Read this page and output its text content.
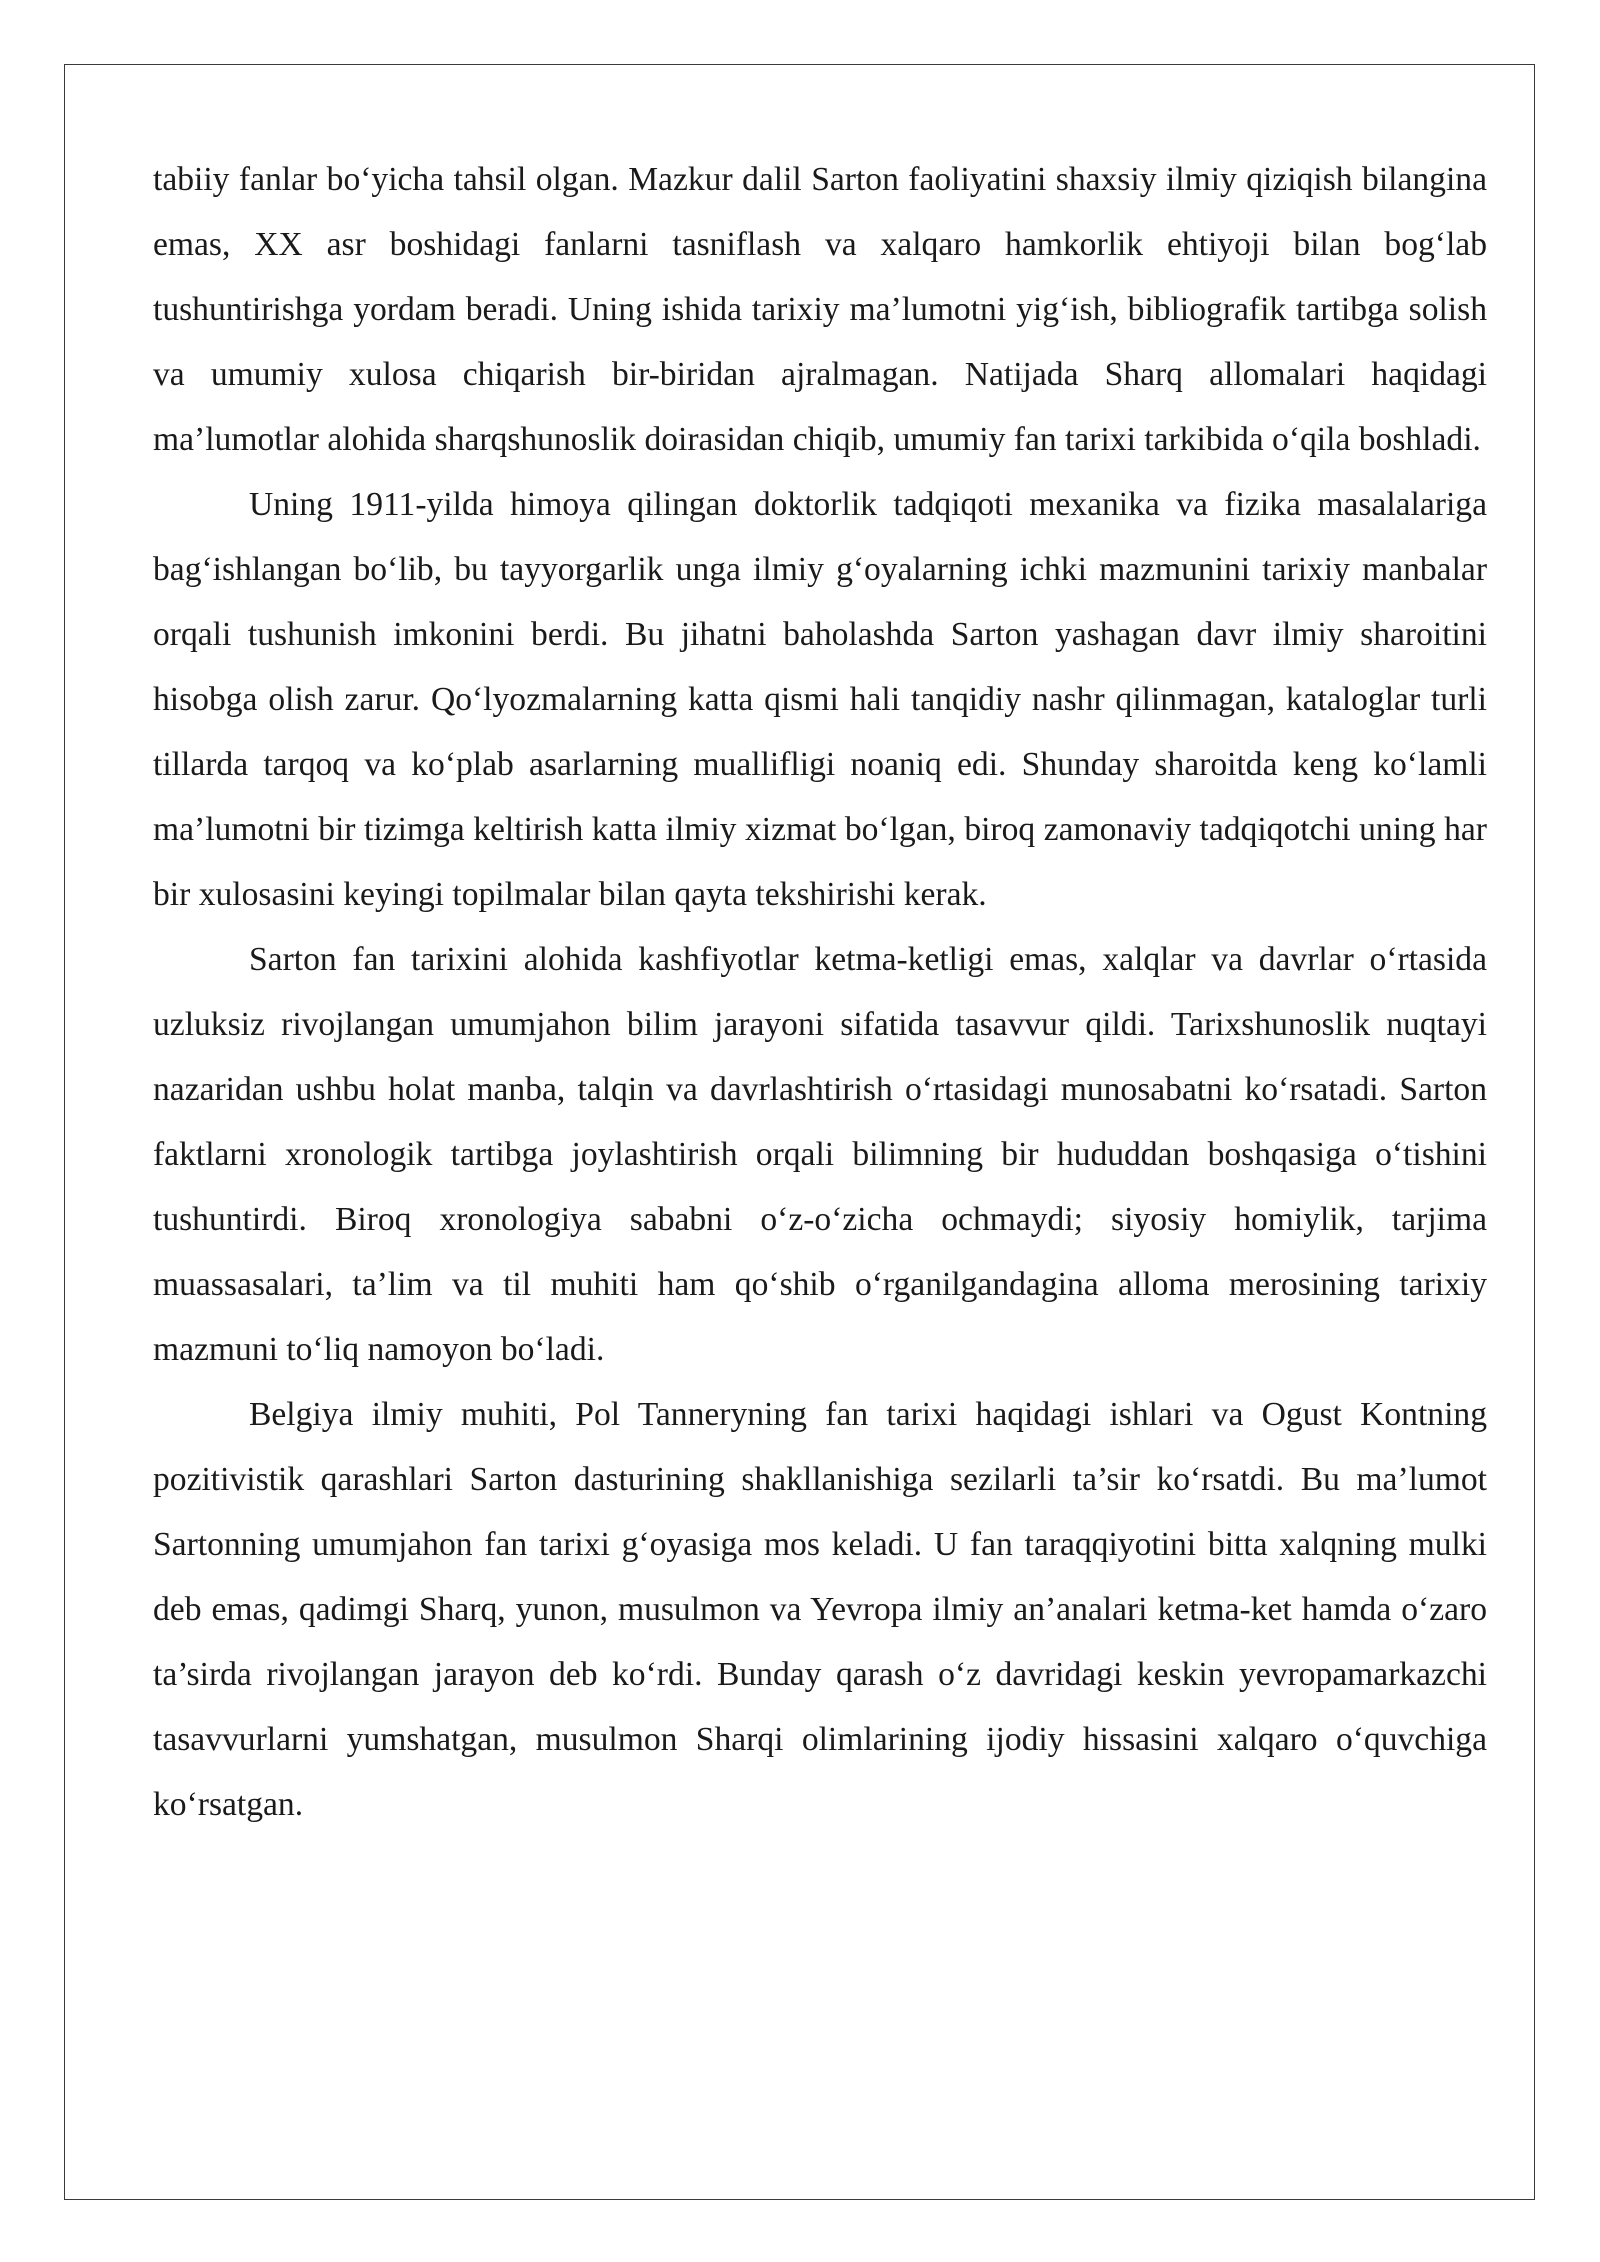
tabiiy fanlar bo‘yicha tahsil olgan. Mazkur dalil Sarton faoliyatini shaxsiy ilmiy qiziqish bilangina emas, XX asr boshidagi fanlarni tasniflash va xalqaro hamkorlik ehtiyoji bilan bog‘lab tushuntirishga yordam beradi. Uning ishida tarixiy ma’lumotni yig‘ish, bibliografik tartibga solish va umumiy xulosa chiqarish bir-biridan ajralmagan. Natijada Sharq allomalari haqidagi ma’lumotlar alohida sharqshunoslik doirasidan chiqib, umumiy fan tarixi tarkibida o‘qila boshladi.

Uning 1911-yilda himoya qilingan doktorlik tadqiqoti mexanika va fizika masalalariga bag‘ishlangan bo‘lib, bu tayyorgarlik unga ilmiy g‘oyalarning ichki mazmunini tarixiy manbalar orqali tushunish imkonini berdi. Bu jihatni baholashda Sarton yashagan davr ilmiy sharoitini hisobga olish zarur. Qo‘lyozmalarning katta qismi hali tanqidiy nashr qilinmagan, kataloglar turli tillarda tarqoq va ko‘plab asarlarning muallifligi noaniq edi. Shunday sharoitda keng ko‘lamli ma’lumotni bir tizimga keltirish katta ilmiy xizmat bo‘lgan, biroq zamonaviy tadqiqotchi uning har bir xulosasini keyingi topilmalar bilan qayta tekshirishi kerak.

Sarton fan tarixini alohida kashfiyotlar ketma-ketligi emas, xalqlar va davrlar o‘rtasida uzluksiz rivojlangan umumjahon bilim jarayoni sifatida tasavvur qildi. Tarixshunoslik nuqtayi nazaridan ushbu holat manba, talqin va davrlashtirish o‘rtasidagi munosabatni ko‘rsatadi. Sarton faktlarni xronologik tartibga joylashtirish orqali bilimning bir hududdan boshqasiga o‘tishini tushuntirdi. Biroq xronologiya sababni o‘z-o‘zicha ochmaydi; siyosiy homiylik, tarjima muassasalari, ta’lim va til muhiti ham qo‘shib o‘rganilgandagina alloma merosining tarixiy mazmuni to‘liq namoyon bo‘ladi.

Belgiya ilmiy muhiti, Pol Tanneryning fan tarixi haqidagi ishlari va Ogust Kontning pozitivistik qarashlari Sarton dasturining shakllanishiga sezilarli ta’sir ko‘rsatdi. Bu ma’lumot Sartonning umumjahon fan tarixi g‘oyasiga mos keladi. U fan taraqqiyotini bitta xalqning mulki deb emas, qadimgi Sharq, yunon, musulmon va Yevropa ilmiy an’analari ketma-ket hamda o‘zaro ta’sirda rivojlangan jarayon deb ko‘rdi. Bunday qarash o‘z davridagi keskin yevropamarkazchi tasavvurlarni yumshatgan, musulmon Sharqi olimlarining ijodiy hissasini xalqaro o‘quvchiga ko‘rsatgan.
